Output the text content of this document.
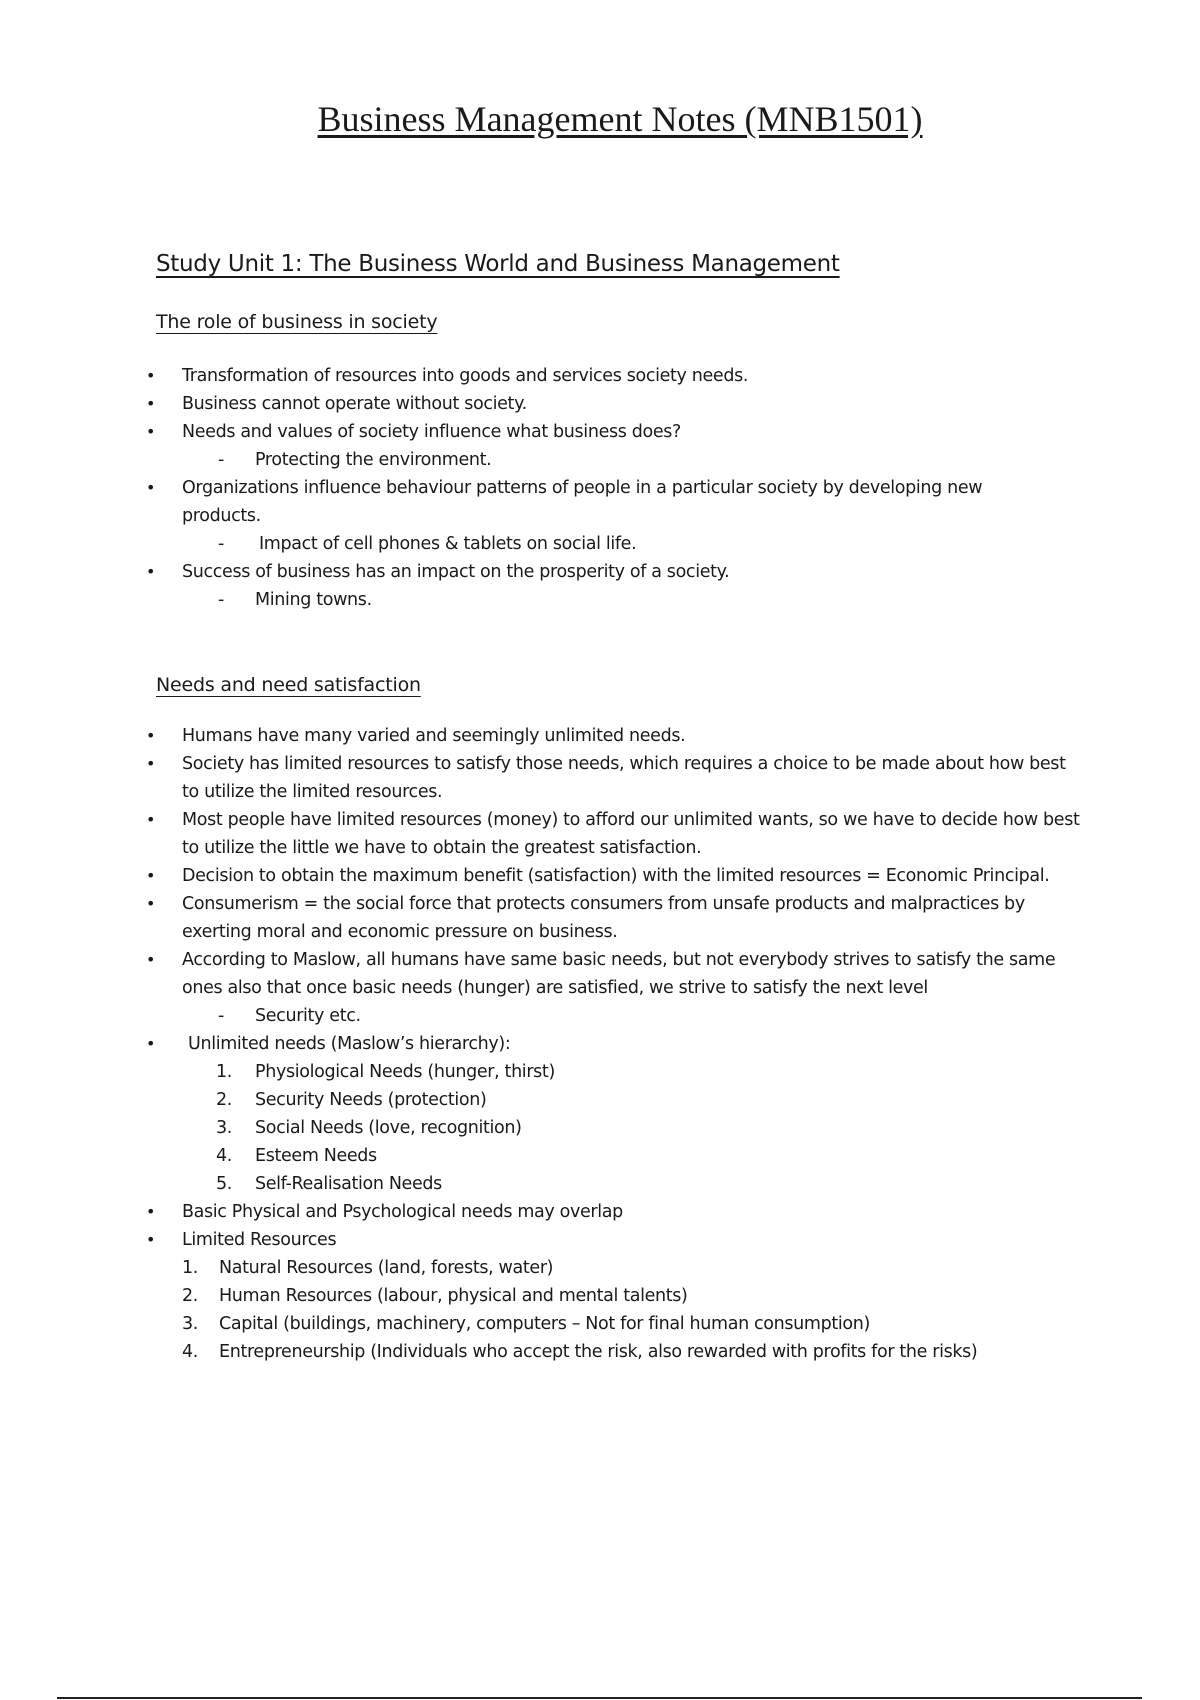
Business Management Notes (MNB1501)
Study Unit 1: The Business World and Business Management
The role of business in society
• Transformation of resources into goods and services society needs.
• Business cannot operate without society.
• Needs and values of society influence what business does?
- Protecting the environment.
• Organizations influence behaviour patterns of people in a particular society by developing new products.
- Impact of cell phones & tablets on social life.
• Success of business has an impact on the prosperity of a society.
- Mining towns.
Needs and need satisfaction
• Humans have many varied and seemingly unlimited needs.
• Society has limited resources to satisfy those needs, which requires a choice to be made about how best to utilize the limited resources.
• Most people have limited resources (money) to afford our unlimited wants, so we have to decide how best to utilize the little we have to obtain the greatest satisfaction.
• Decision to obtain the maximum benefit (satisfaction) with the limited resources = Economic Principal.
• Consumerism = the social force that protects consumers from unsafe products and malpractices by exerting moral and economic pressure on business.
• According to Maslow, all humans have same basic needs, but not everybody strives to satisfy the same ones also that once basic needs (hunger) are satisfied, we strive to satisfy the next level
- Security etc.
• Unlimited needs (Maslow’s hierarchy):
1. Physiological Needs (hunger, thirst)
2. Security Needs (protection)
3. Social Needs (love, recognition)
4. Esteem Needs
5. Self-Realisation Needs
• Basic Physical and Psychological needs may overlap
• Limited Resources
1. Natural Resources (land, forests, water)
2. Human Resources (labour, physical and mental talents)
3. Capital (buildings, machinery, computers – Not for final human consumption)
4. Entrepreneurship (Individuals who accept the risk, also rewarded with profits for the risks)
